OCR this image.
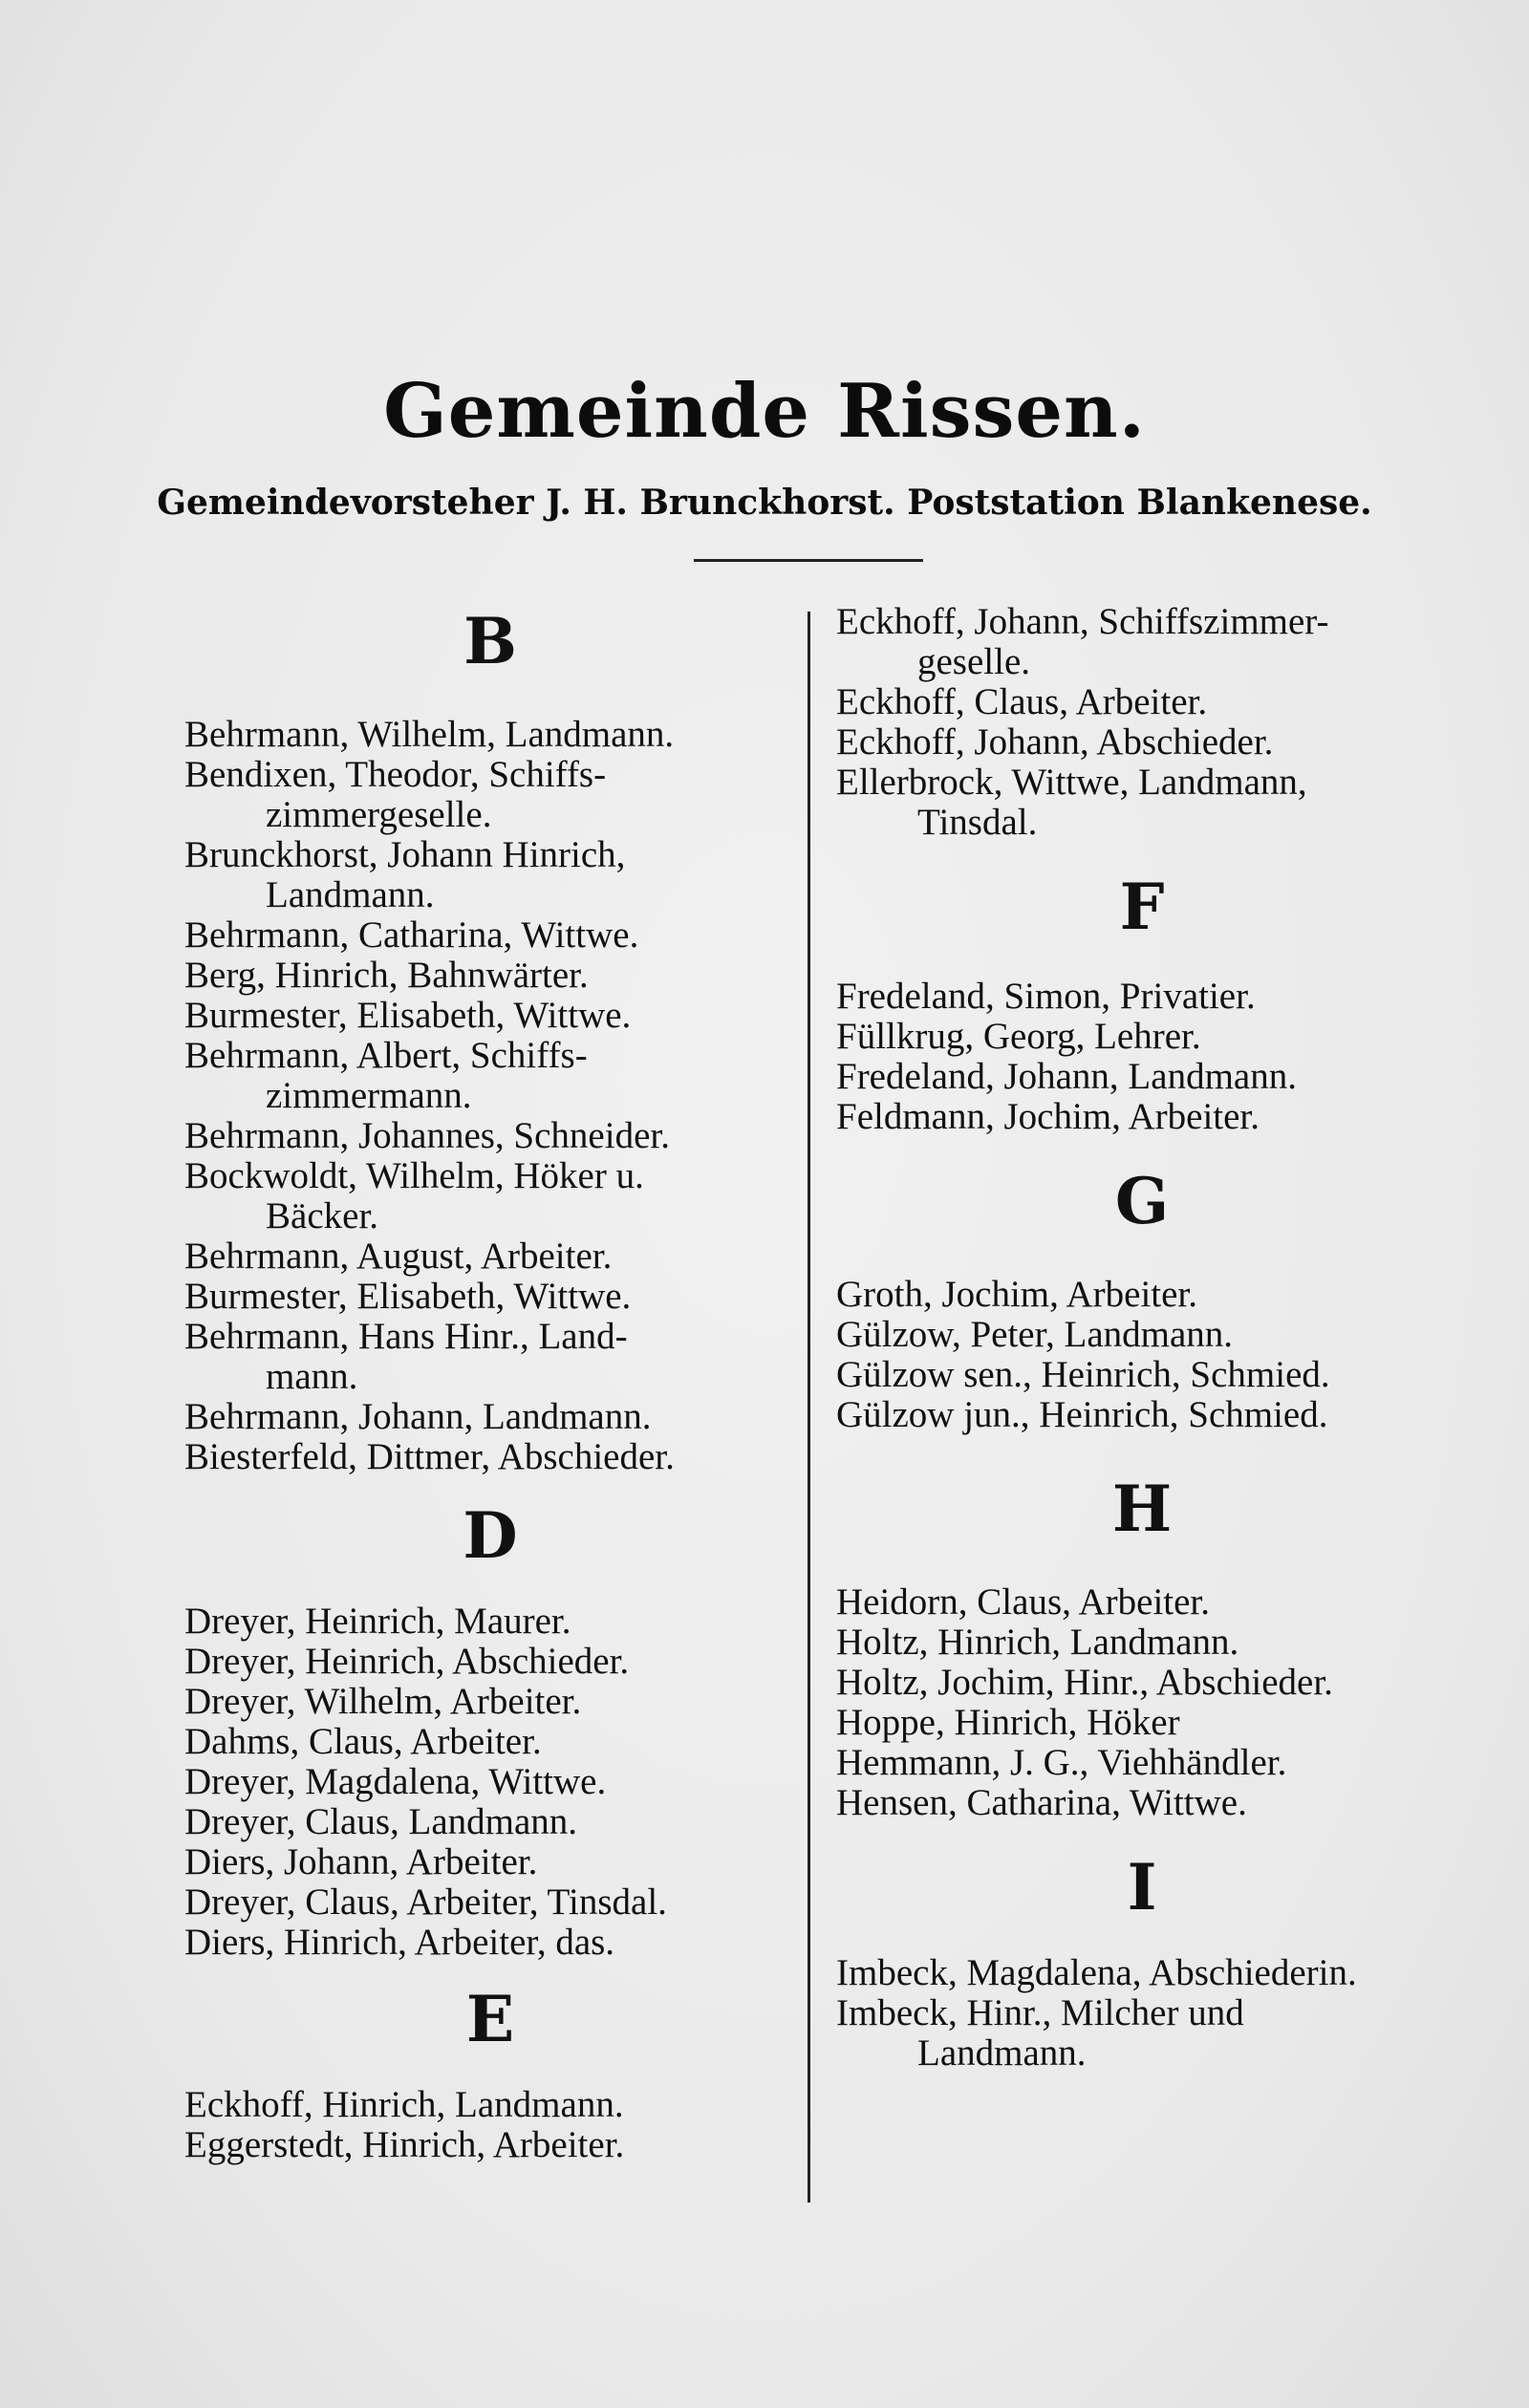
Gemeinde Rissen.
Gemeindevorsteher J. H. Brunckhorst. Poststation Blankenese.
B
Behrmann, Wilhelm, Landmann.
Bendixen, Theodor, Schiffs-
zimmergeselle.
Brunckhorst, Johann Hinrich,
Landmann.
Behrmann, Catharina, Wittwe.
Berg, Hinrich, Bahnwärter.
Burmester, Elisabeth, Wittwe.
Behrmann, Albert, Schiffs-
zimmermann.
Behrmann, Johannes, Schneider.
Bockwoldt, Wilhelm, Höker u.
Bäcker.
Behrmann, August, Arbeiter.
Burmester, Elisabeth, Wittwe.
Behrmann, Hans Hinr., Land-
mann.
Behrmann, Johann, Landmann.
Biesterfeld, Dittmer, Abschieder.
D
Dreyer, Heinrich, Maurer.
Dreyer, Heinrich, Abschieder.
Dreyer, Wilhelm, Arbeiter.
Dahms, Claus, Arbeiter.
Dreyer, Magdalena, Wittwe.
Dreyer, Claus, Landmann.
Diers, Johann, Arbeiter.
Dreyer, Claus, Arbeiter, Tinsdal.
Diers, Hinrich, Arbeiter, das.
E
Eckhoff, Hinrich, Landmann.
Eggerstedt, Hinrich, Arbeiter.
Eckhoff, Johann, Schiffszimmer-
geselle.
Eckhoff, Claus, Arbeiter.
Eckhoff, Johann, Abschieder.
Ellerbrock, Wittwe, Landmann,
Tinsdal.
F
Fredeland, Simon, Privatier.
Füllkrug, Georg, Lehrer.
Fredeland, Johann, Landmann.
Feldmann, Jochim, Arbeiter.
G
Groth, Jochim, Arbeiter.
Gülzow, Peter, Landmann.
Gülzow sen., Heinrich, Schmied.
Gülzow jun., Heinrich, Schmied.
H
Heidorn, Claus, Arbeiter.
Holtz, Hinrich, Landmann.
Holtz, Jochim, Hinr., Abschieder.
Hoppe, Hinrich, Höker
Hemmann, J. G., Viehhändler.
Hensen, Catharina, Wittwe.
I
Imbeck, Magdalena, Abschiederin.
Imbeck, Hinr., Milcher und
Landmann.
